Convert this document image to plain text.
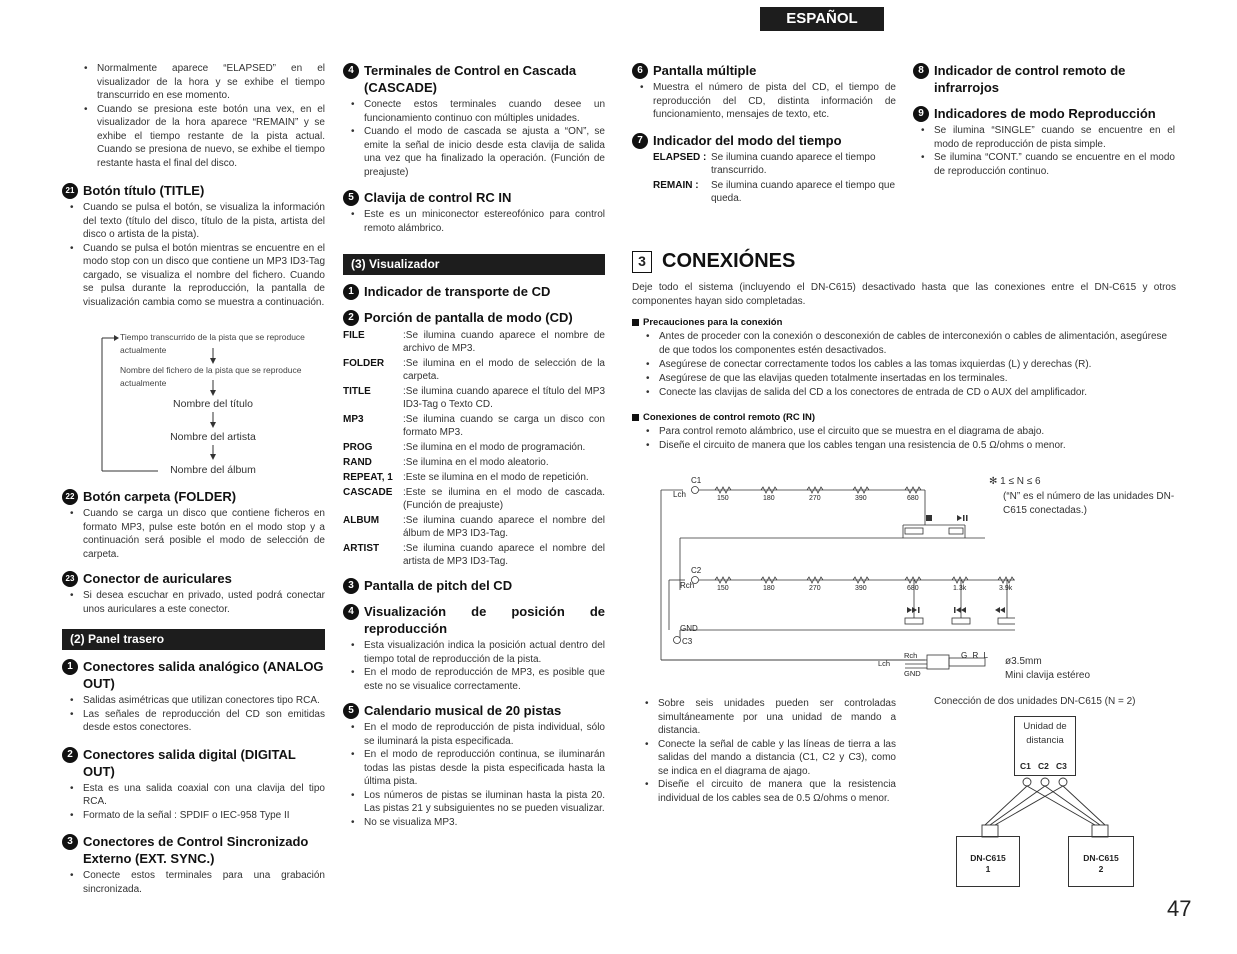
ESPAÑOL
• Normalmente aparece “ELAPSED” en el visualizador de la hora y se exhibe el tiempo transcurrido en ese momento.
• Cuando se presiona este botón una vex, en el visualizador de la hora aparece “REMAIN” y se exhibe el tiempo restante de la pista actual. Cuando se presiona de nuevo, se exhibe el tiempo restante hasta el final del disco.
21 Botón título (TITLE)
• Cuando se pulsa el botón, se visualiza la información del texto (título del disco, título de la pista, artista del disco o artista de la pista).
• Cuando se pulsa el botón mientras se encuentre en el modo stop con un disco que contiene un MP3 ID3-Tag cargado, se visualiza el nombre del fichero. Cuando se pulsa durante la reproducción, la pantalla de visualización cambia como se muestra a continuación.
Tiempo transcurrido de la pista que se reproduce actualmente
Nombre del fichero de la pista que se reproduce actualmente
Nombre del título
Nombre del artista
Nombre del álbum
22 Botón carpeta (FOLDER)
• Cuando se carga un disco que contiene ficheros en formato MP3, pulse este botón en el modo stop y a continuación será posible el modo de selección de carpeta.
23 Conector de auriculares
• Si desea escuchar en privado, usted podrá conectar unos auriculares a este conector.
(2) Panel trasero
1 Conectores salida analógico (ANALOG OUT)
• Salidas asimétricas que utilizan conectores tipo RCA.
• Las señales de reproducción del CD son emitidas desde estos conectores.
2 Conectores salida digital (DIGITAL OUT)
• Esta es una salida coaxial con una clavija del tipo RCA.
• Formato de la señal : SPDIF o IEC-958 Type II
3 Conectores de Control Sincronizado Externo (EXT. SYNC.)
• Conecte estos terminales para una grabación sincronizada.
4 Terminales de Control en Cascada (CASCADE)
• Conecte estos terminales cuando desee un funcionamiento continuo con múltiples unidades.
• Cuando el modo de cascada se ajusta a “ON”, se emite la señal de inicio desde esta clavija de salida una vez que ha finalizado la operación. (Función de preajuste)
5 Clavija de control RC IN
• Este es un miniconector estereofónico para control remoto alámbrico.
(3) Visualizador
1 Indicador de transporte de CD
2 Porción de pantalla de modo (CD)
FILE	:Se ilumina cuando aparece el nombre de archivo de MP3.
FOLDER	:Se ilumina en el modo de selección de la carpeta.
TITLE	:Se ilumina cuando aparece el título del MP3 ID3-Tag o Texto CD.
MP3	:Se ilumina cuando se carga un disco con formato MP3.
PROG	:Se ilumina en el modo de programación.
RAND	:Se ilumina en el modo aleatorio.
REPEAT, 1	:Este se ilumina en el modo de repetición.
CASCADE	:Este se ilumina en el modo de cascada. (Función de preajuste)
ALBUM	:Se ilumina cuando aparece el nombre del álbum de MP3 ID3-Tag.
ARTIST	:Se ilumina cuando aparece el nombre del artista de MP3 ID3-Tag.
3 Pantalla de pitch del CD
4 Visualización de posición de reproducción
• Esta visualización indica la posición actual dentro del tiempo total de reproducción de la pista.
• En el modo de reproducción de MP3, es posible que este no se visualice correctamente.
5 Calendario musical de 20 pistas
• En el modo de reproducción de pista individual, sólo se iluminará la pista especificada.
• En el modo de reproducción continua, se iluminarán todas las pistas desde la pista especificada hasta la última pista.
• Los números de pistas se iluminan hasta la pista 20. Las pistas 21 y subsiguientes no se pueden visualizar.
• No se visualiza MP3.
6 Pantalla múltiple
• Muestra el número de pista del CD, el tiempo de reproducción del CD, distinta información de funcionamiento, mensajes de texto, etc.
7 Indicador del modo del tiempo
ELAPSED : Se ilumina cuando aparece el tiempo transcurrido.
REMAIN :	Se ilumina cuando aparece el tiempo que queda.
8 Indicador de control remoto de infrarrojos
9 Indicadores de modo Reproducción
• Se ilumina “SINGLE” cuando se encuentre en el modo de reproducción de pista simple.
• Se ilumina “CONT.” cuando se encuentre en el modo de reproducción continuo.
3 CONEXIÓNES
Deje todo el sistema (incluyendo el DN-C615) desactivado hasta que las conexiones entre el DN-C615 y otros componentes hayan sido completadas.
Precauciones para la conexión
• Antes de proceder con la conexión o desconexión de cables de interconexión o cables de alimentación, asegúrese de que todos los componentes estén desactivados.
• Asegúrese de conectar correctamente todos los cables a las tomas ixquierdas (L) y derechas (R).
• Asegúrese de que las elavijas queden totalmente insertadas en los terminales.
• Conecte las clavijas de salida del CD a los conectores de entrada de CD o AUX del amplificador.
Conexiones de control remoto (RC IN)
• Para control remoto alámbrico, use el circuito que se muestra en el diagrama de abajo.
• Diseñe el circuito de manera que los cables tengan una resistencia de 0.5 Ω/ohms o menor.
C1
Lch
C2
Rch
GND
C3
150	180	270	390	680
150	180	270	390	680	1.3k	3.9k
Rch
Lch
GND
G R L
ø3.5mm
Mini clavija estéreo
✻ 1 ≤ N ≤ 6
(“N” es el número de las unidades DN-C615 conectadas.)
• Sobre seis unidades pueden ser controladas simultáneamente por una unidad de mando a distancia.
• Conecte la señal de cable y las líneas de tierra a las salidas del mando a distancia (C1, C2 y C3), como se indica en el diagrama de ajago.
• Diseñe el circuito de manera que la resistencia individual de los cables sea de 0.5 Ω/ohms o menor.
Conección de dos unidades DN-C615 (N = 2)
Unidad de distancia
C1 C2 C3
DN-C615
1
DN-C615
2
47
